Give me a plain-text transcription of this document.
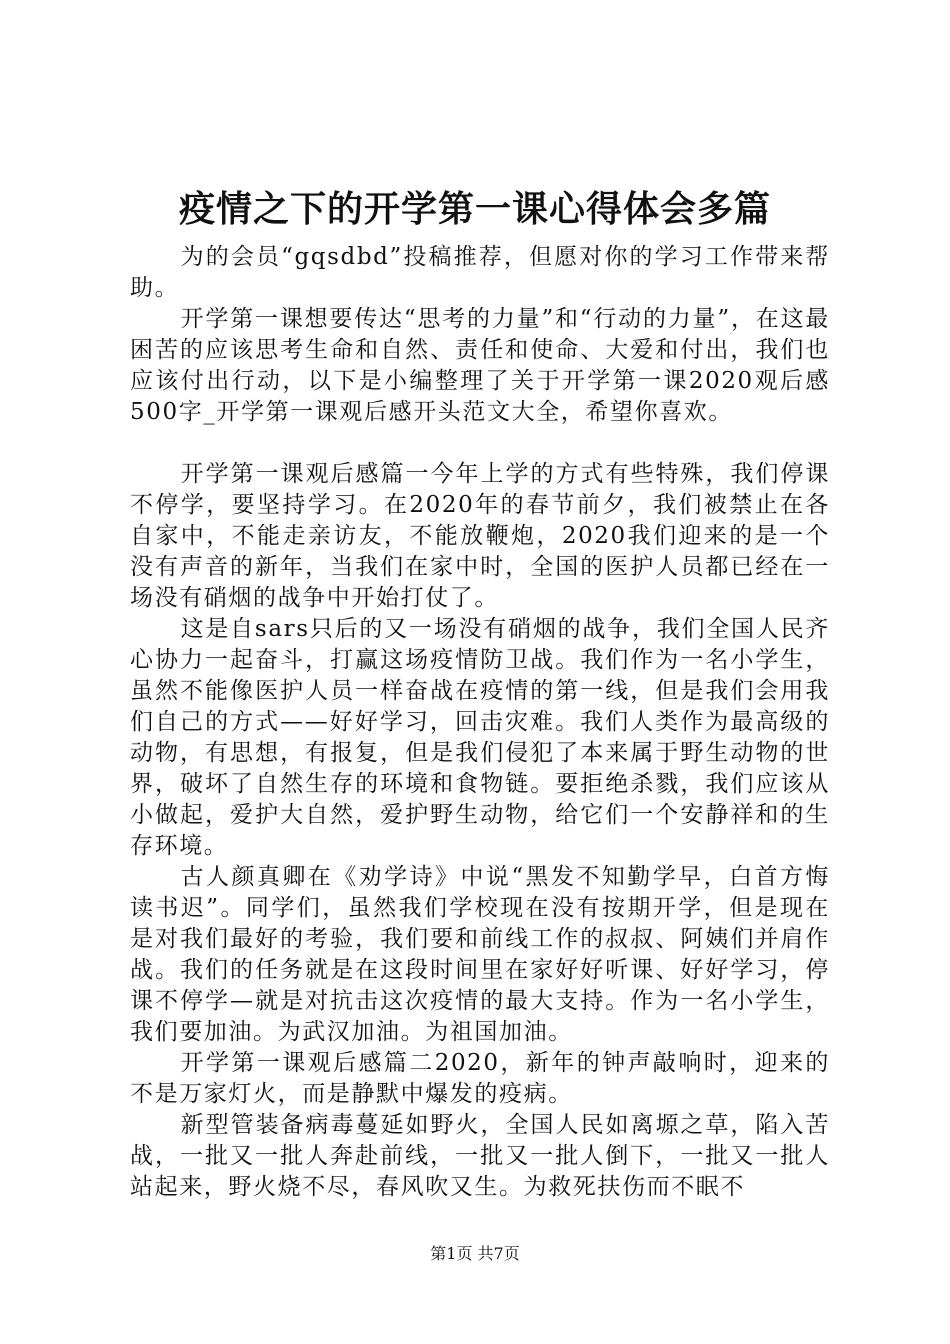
疫情之下的开学第一课心得体会多篇

为的会员“gqsdbd”投稿推荐，但愿对你的学习工作带来帮助。

开学第一课想要传达“思考的力量”和“行动的力量”，在这最困苦的应该思考生命和自然、责任和使命、大爱和付出，我们也应该付出行动，以下是小编整理了关于开学第一课2020观后感500字_开学第一课观后感开头范文大全，希望你喜欢。

开学第一课观后感篇一今年上学的方式有些特殊，我们停课不停学，要坚持学习。在2020年的春节前夕，我们被禁止在各自家中，不能走亲访友，不能放鞭炮，2020我们迎来的是一个没有声音的新年，当我们在家中时，全国的医护人员都已经在一场没有硝烟的战争中开始打仗了。

这是自sars只后的又一场没有硝烟的战争，我们全国人民齐心协力一起奋斗，打赢这场疫情防卫战。我们作为一名小学生，虽然不能像医护人员一样奋战在疫情的第一线，但是我们会用我们自己的方式——好好学习，回击灾难。我们人类作为最高级的动物，有思想，有报复，但是我们侵犯了本来属于野生动物的世界，破坏了自然生存的环境和食物链。要拒绝杀戮，我们应该从小做起，爱护大自然，爱护野生动物，给它们一个安静祥和的生存环境。

古人颜真卿在《劝学诗》中说“黑发不知勤学早，白首方悔读书迟”。同学们，虽然我们学校现在没有按期开学，但是现在是对我们最好的考验，我们要和前线工作的叔叔、阿姨们并肩作战。我们的任务就是在这段时间里在家好好听课、好好学习，停课不停学—就是对抗击这次疫情的最大支持。作为一名小学生，我们要加油。为武汉加油。为祖国加油。

开学第一课观后感篇二2020，新年的钟声敲响时，迎来的不是万家灯火，而是静默中爆发的疫病。

新型管装备病毒蔓延如野火，全国人民如离塬之草，陷入苦战，一批又一批人奔赴前线，一批又一批人倒下，一批又一批人站起来，野火烧不尽，春风吹又生。为救死扶伤而不眠不

第1页 共7页
